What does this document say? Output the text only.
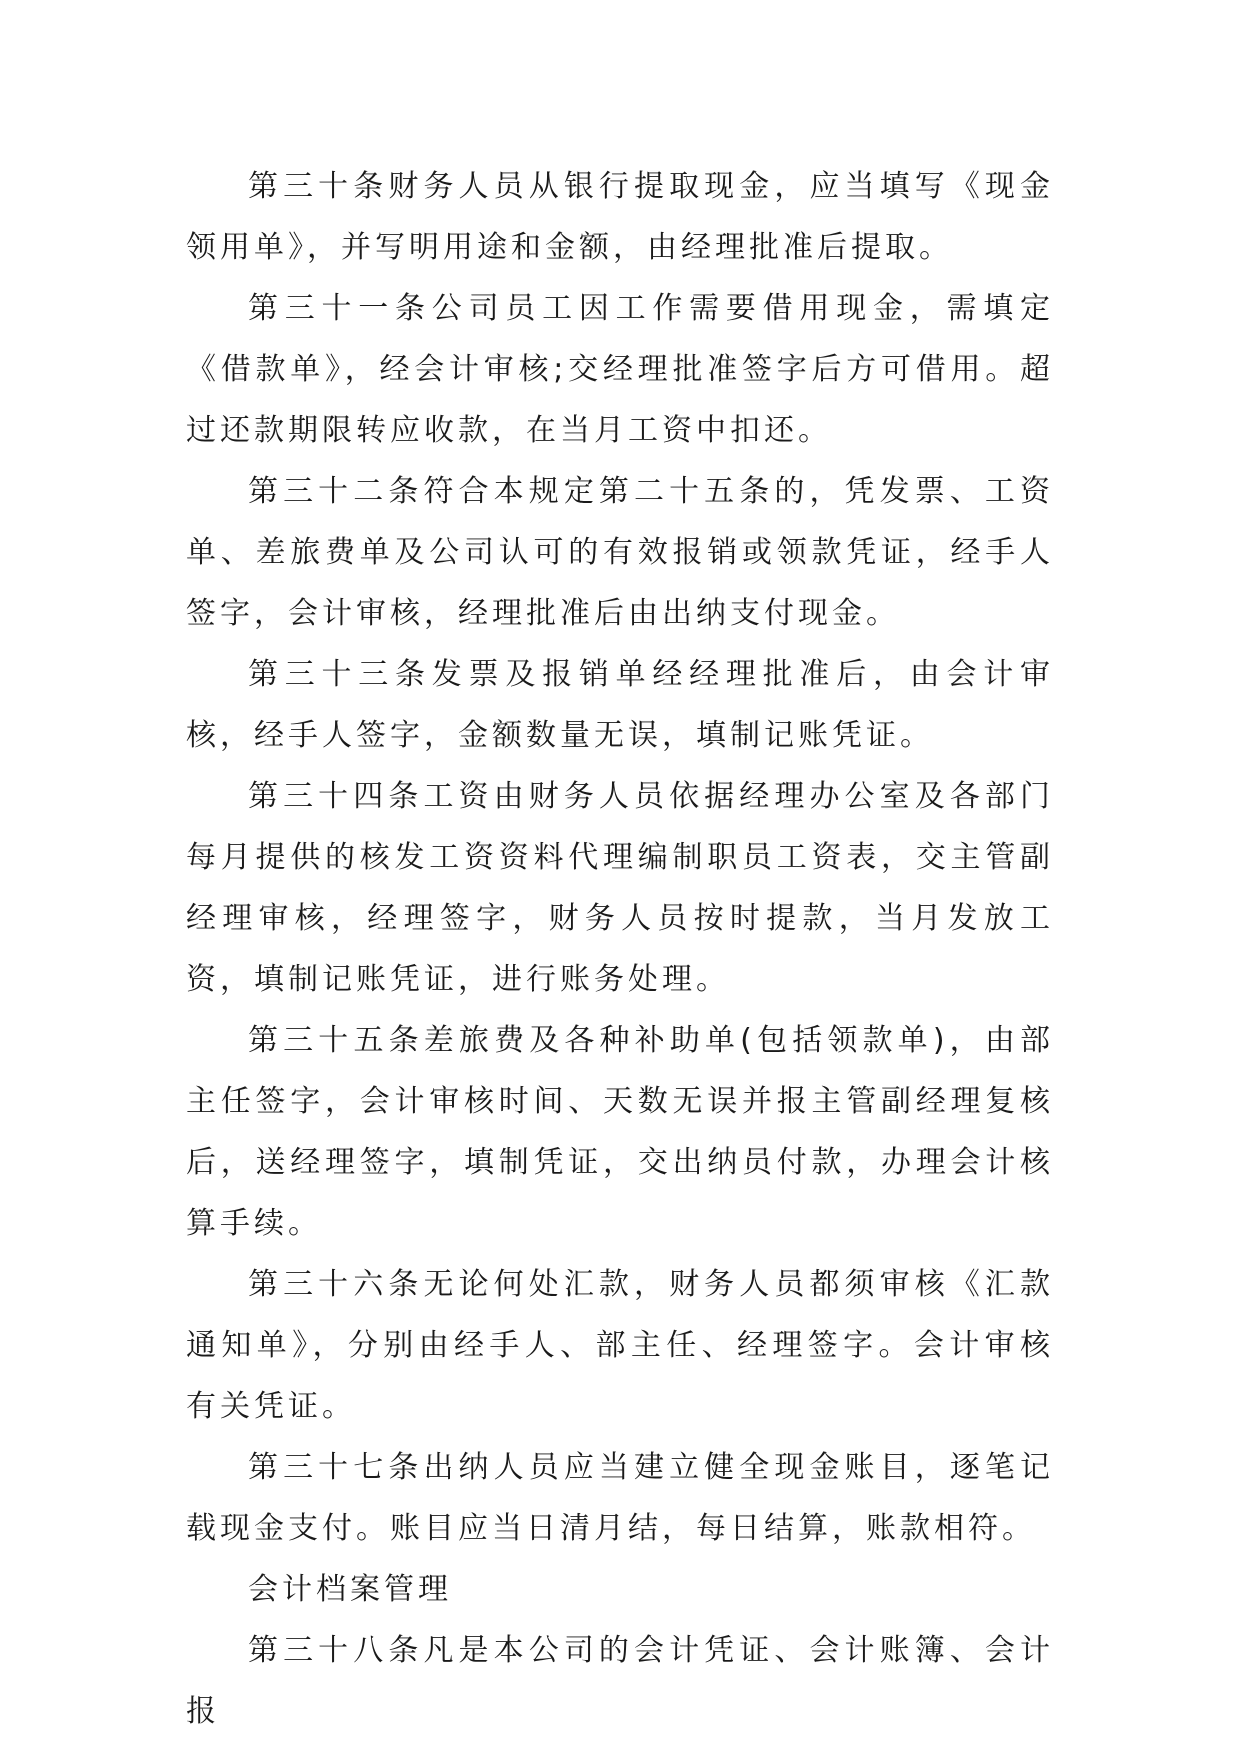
第三十条财务人员从银行提取现金，应当填写《现金领用单》，并写明用途和金额，由经理批准后提取。

第三十一条公司员工因工作需要借用现金，需填定《借款单》，经会计审核;交经理批准签字后方可借用。超过还款期限转应收款，在当月工资中扣还。

第三十二条符合本规定第二十五条的，凭发票、工资单、差旅费单及公司认可的有效报销或领款凭证，经手人签字，会计审核，经理批准后由出纳支付现金。

第三十三条发票及报销单经经理批准后，由会计审核，经手人签字，金额数量无误，填制记账凭证。

第三十四条工资由财务人员依据经理办公室及各部门每月提供的核发工资资料代理编制职员工资表，交主管副经理审核，经理签字，财务人员按时提款，当月发放工资，填制记账凭证，进行账务处理。

第三十五条差旅费及各种补助单(包括领款单)，由部主任签字，会计审核时间、天数无误并报主管副经理复核后，送经理签字，填制凭证，交出纳员付款，办理会计核算手续。

第三十六条无论何处汇款，财务人员都须审核《汇款通知单》，分别由经手人、部主任、经理签字。会计审核有关凭证。

第三十七条出纳人员应当建立健全现金账目，逐笔记载现金支付。账目应当日清月结，每日结算，账款相符。

会计档案管理

第三十八条凡是本公司的会计凭证、会计账簿、会计报
